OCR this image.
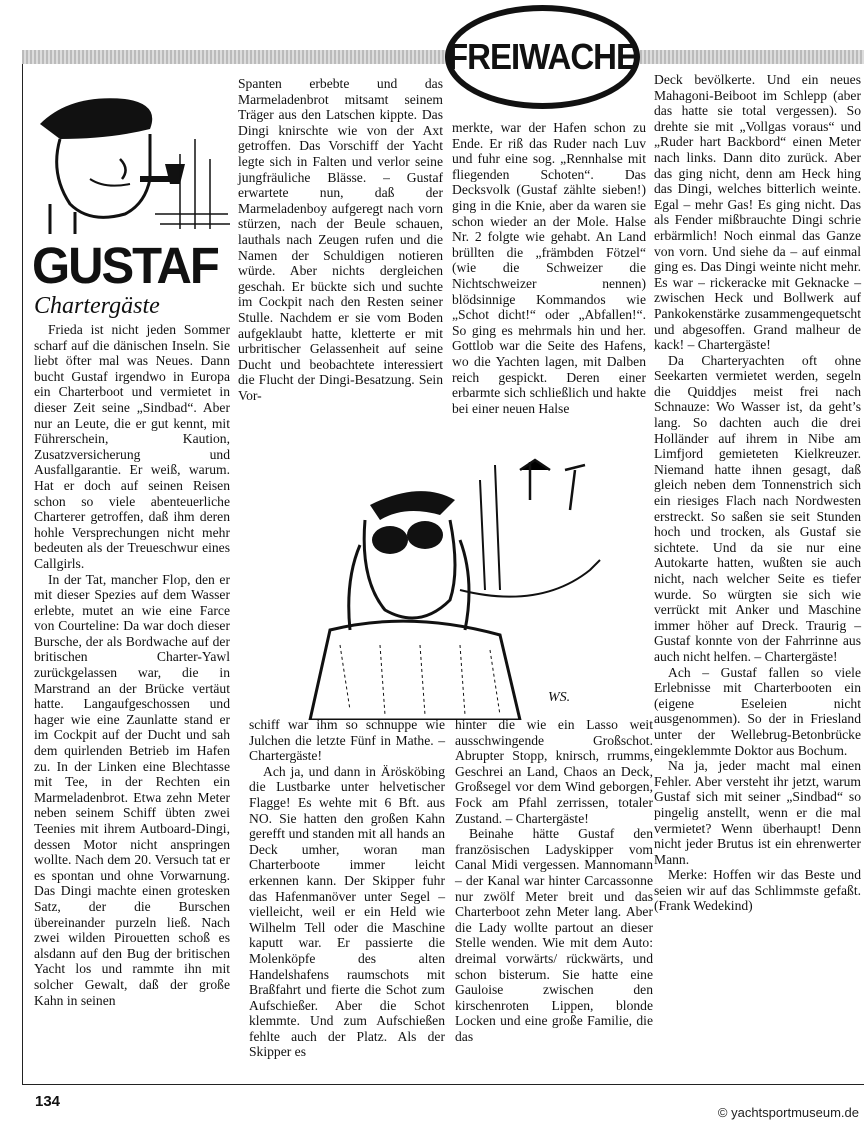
FREIWACHE
GUSTAF
Chartergäste

Frieda ist nicht jeden Sommer scharf auf die dänischen Inseln. Sie liebt öfter mal was Neues. Dann bucht Gustaf irgendwo in Europa ein Charterboot und vermietet in dieser Zeit seine „Sindbad“. Aber nur an Leute, die er gut kennt, mit Führerschein, Kaution, Zusatzversicherung und Ausfallgarantie. Er weiß, warum. Hat er doch auf seinen Reisen schon so viele abenteuerliche Charterer getroffen, daß ihm deren hohle Versprechungen nicht mehr bedeuten als der Treueschwur eines Callgirls.

In der Tat, mancher Flop, den er mit dieser Spezies auf dem Wasser erlebte, mutet an wie eine Farce von Courteline: Da war doch dieser Bursche, der als Bordwache auf der britischen Charter-Yawl zurückgelassen war, die in Marstrand an der Brücke vertäut hatte. Langaufgeschossen und hager wie eine Zaunlatte stand er im Cockpit auf der Ducht und sah dem quirlenden Betrieb im Hafen zu. In der Linken eine Blechtasse mit Tee, in der Rechten ein Marmeladenbrot. Etwa zehn Meter neben seinem Schiff übten zwei Teenies mit ihrem Autboard-Dingi, dessen Motor nicht anspringen wollte. Nach dem 20. Versuch tat er es spontan und ohne Vorwarnung. Das Dingi machte einen grotesken Satz, der die Burschen übereinander purzeln ließ. Nach zwei wilden Pirouetten schoß es alsdann auf den Bug der britischen Yacht los und rammte ihn mit solcher Gewalt, daß der große Kahn in seinen

Spanten erbebte und das Marmeladenbrot mitsamt seinem Träger aus den Latschen kippte. Das Dingi knirschte wie von der Axt getroffen. Das Vorschiff der Yacht legte sich in Falten und verlor seine jungfräuliche Blässe. – Gustaf erwartete nun, daß der Marmeladenboy aufgeregt nach vorn stürzen, nach der Beule schauen, lauthals nach Zeugen rufen und die Namen der Schuldigen notieren würde. Aber nichts dergleichen geschah. Er bückte sich und suchte im Cockpit nach den Resten seiner Stulle. Nachdem er sie vom Boden aufgeklaubt hatte, kletterte er mit urbritischer Gelassenheit auf seine Ducht und beobachtete interessiert die Flucht der Dingi-Besatzung. Sein Vor-

merkte, war der Hafen schon zu Ende. Er riß das Ruder nach Luv und fuhr eine sog. „Rennhalse mit fliegenden Schoten“. Das Decksvolk (Gustaf zählte sieben!) ging in die Knie, aber da waren sie schon wieder an der Mole. Halse Nr. 2 folgte wie gehabt. An Land brüllten die „främbden Fötzel“ (wie die Schweizer die Nichtschweizer nennen) blödsinnige Kommandos wie „Schot dicht!“ oder „Abfallen!“. So ging es mehrmals hin und her. Gottlob war die Seite des Hafens, wo die Yachten lagen, mit Dalben reich gespickt. Deren einer erbarmte sich schließlich und hakte bei einer neuen Halse

Deck bevölkerte. Und ein neues Mahagoni-Beiboot im Schlepp (aber das hatte sie total vergessen). So drehte sie mit „Vollgas voraus“ und „Ruder hart Backbord“ einen Meter nach links. Dann dito zurück. Aber das ging nicht, denn am Heck hing das Dingi, welches bitterlich weinte. Egal – mehr Gas! Es ging nicht. Das als Fender mißbrauchte Dingi schrie erbärmlich! Noch einmal das Ganze von vorn. Und siehe da – auf einmal ging es. Das Dingi weinte nicht mehr. Es war – rickeracke mit Geknacke – zwischen Heck und Bollwerk auf Pankokenstärke zusammengequetscht und abgesoffen. Grand malheur de kack! – Chartergäste!

Da Charteryachten oft ohne Seekarten vermietet werden, segeln die Quiddjes meist frei nach Schnauze: Wo Wasser ist, da geht’s lang. So dachten auch die drei Holländer auf ihrem in Nibe am Limfjord gemieteten Kielkreuzer. Niemand hatte ihnen gesagt, daß gleich neben dem Tonnenstrich sich ein riesiges Flach nach Nordwesten erstreckt. So saßen sie seit Stunden hoch und trocken, als Gustaf sie sichtete. Und da sie nur eine Autokarte hatten, wußten sie auch nicht, nach welcher Seite es tiefer wurde. So würgten sie sich wie verrückt mit Anker und Maschine immer höher auf Dreck. Traurig – Gustaf konnte von der Fahrrinne aus auch nicht helfen. – Chartergäste!

Ach – Gustaf fallen so viele Erlebnisse mit Charterbooten ein (eigene Eseleien nicht ausgenommen). So der in Friesland unter der Wellebrug-Betonbrücke eingeklemmte Doktor aus Bochum.

Na ja, jeder macht mal einen Fehler. Aber versteht ihr jetzt, warum Gustaf sich mit seiner „Sindbad“ so pingelig anstellt, wenn er die mal vermietet? Wenn überhaupt! Denn nicht jeder Brutus ist ein ehrenwerter Mann.

Merke: Hoffen wir das Beste und seien wir auf das Schlimmste gefaßt. (Frank Wedekind)

WS.

schiff war ihm so schnuppe wie Julchen die letzte Fünf in Mathe. – Chartergäste!

Ach ja, und dann in Ärösköbing die Lustbarke unter helvetischer Flagge! Es wehte mit 6 Bft. aus NO. Sie hatten den großen Kahn gerefft und standen mit all hands an Deck umher, woran man Charterboote immer leicht erkennen kann. Der Skipper fuhr das Hafenmanöver unter Segel – vielleicht, weil er ein Held wie Wilhelm Tell oder die Maschine kaputt war. Er passierte die Molenköpfe des alten Handelshafens raumschots mit Braßfahrt und fierte die Schot zum Aufschießer. Aber die Schot klemmte. Und zum Aufschießen fehlte auch der Platz. Als der Skipper es

hinter die wie ein Lasso weit ausschwingende Großschot. Abrupter Stopp, knirsch, rrumms, Geschrei an Land, Chaos an Deck, Großsegel vor dem Wind geborgen, Fock am Pfahl zerrissen, totaler Zustand. – Chartergäste!

Beinahe hätte Gustaf den französischen Ladyskipper vom Canal Midi vergessen. Mannomann – der Kanal war hinter Carcassonne nur zwölf Meter breit und das Charterboot zehn Meter lang. Aber die Lady wollte partout an dieser Stelle wenden. Wie mit dem Auto: dreimal vorwärts/ rückwärts, und schon bisterum. Sie hatte eine Gauloise zwischen den kirschenroten Lippen, blonde Locken und eine große Familie, die das

134
© yachtsportmuseum.de
